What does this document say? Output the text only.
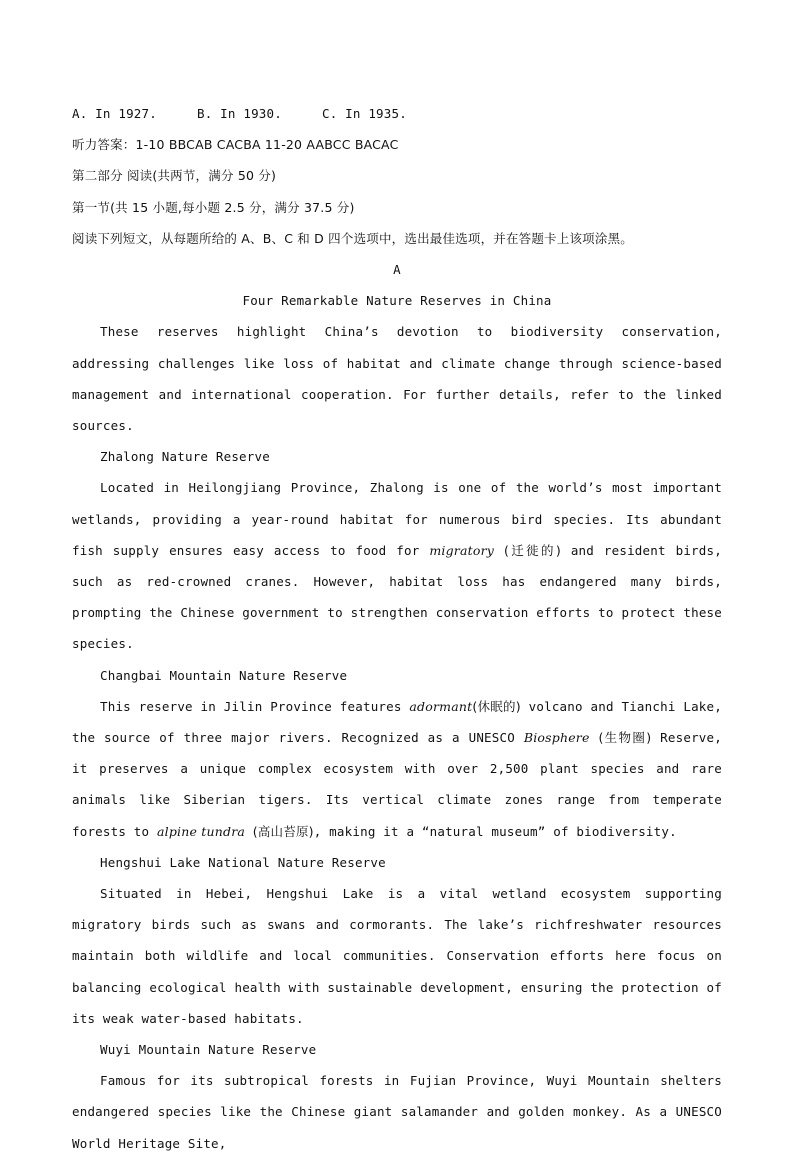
A. In 1927.	B. In 1930.	C. In 1935.
听力答案：1-10 BBCAB CACBA 11-20 AABCC BACAC
第二部分 阅读(共两节，满分 50 分)
第一节(共 15 小题,每小题 2.5 分，满分 37.5 分)
阅读下列短文，从每题所给的 A、B、C 和 D 四个选项中，选出最佳选项，并在答题卡上该项涂黑。
A
Four Remarkable Nature Reserves in China

These reserves highlight China’s devotion to biodiversity conservation, addressing challenges like loss of habitat and climate change through science-based management and international cooperation. For further details, refer to the linked sources.

Zhalong Nature Reserve

Located in Heilongjiang Province, Zhalong is one of the world’s most important wetlands, providing a year-round habitat for numerous bird species. Its abundant fish supply ensures easy access to food for migratory (迁徙的) and resident birds, such as red-crowned cranes. However, habitat loss has endangered many birds, prompting the Chinese government to strengthen conservation efforts to protect these species.

Changbai Mountain Nature Reserve

This reserve in Jilin Province features adormant(休眠的) volcano and Tianchi Lake, the source of three major rivers. Recognized as a UNESCO Biosphere (生物圈) Reserve, it preserves a unique complex ecosystem with over 2,500 plant species and rare animals like Siberian tigers. Its vertical climate zones range from temperate forests to alpine tundra (高山苔原), making it a “natural museum” of biodiversity.

Hengshui Lake National Nature Reserve

Situated in Hebei, Hengshui Lake is a vital wetland ecosystem supporting migratory birds such as swans and cormorants. The lake’s richfreshwater resources maintain both wildlife and local communities. Conservation efforts here focus on balancing ecological health with sustainable development, ensuring the protection of its weak water-based habitats.

Wuyi Mountain Nature Reserve

Famous for its subtropical forests in Fujian Province, Wuyi Mountain shelters endangered species like the Chinese giant salamander and golden monkey. As a UNESCO World Heritage Site,
